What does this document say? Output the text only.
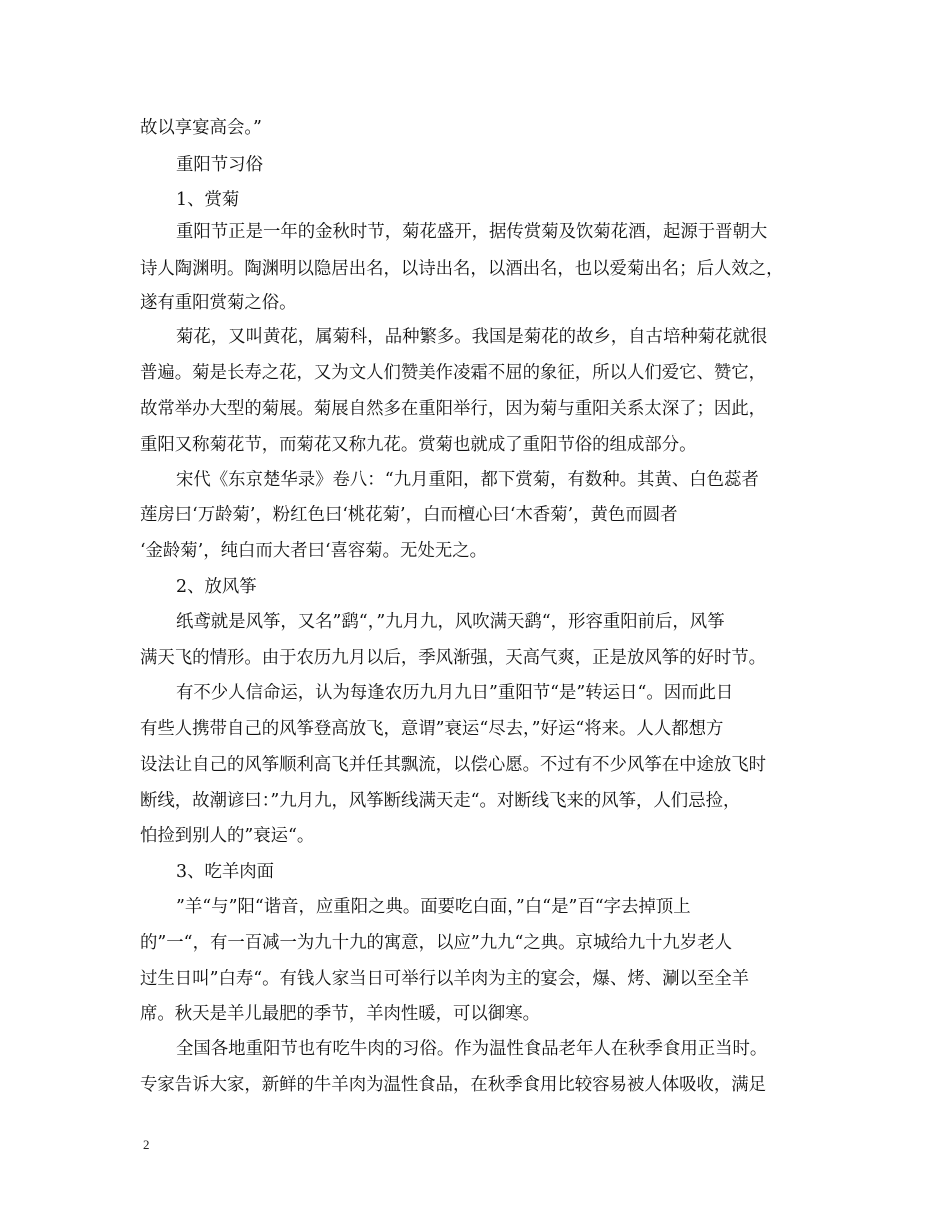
故以享宴高会。”

重阳节习俗

1、赏菊

重阳节正是一年的金秋时节，菊花盛开，据传赏菊及饮菊花酒，起源于晋朝大

诗人陶渊明。陶渊明以隐居出名，以诗出名，以酒出名，也以爱菊出名；后人效之，

遂有重阳赏菊之俗。

菊花，又叫黄花，属菊科，品种繁多。我国是菊花的故乡，自古培种菊花就很

普遍。菊是长寿之花，又为文人们赞美作凌霜不屈的象征，所以人们爱它、赞它，

故常举办大型的菊展。菊展自然多在重阳举行，因为菊与重阳关系太深了；因此，

重阳又称菊花节，而菊花又称九花。赏菊也就成了重阳节俗的组成部分。

宋代《东京楚华录》卷八：“九月重阳，都下赏菊，有数种。其黄、白色蕊者

莲房曰‘万龄菊’，粉红色曰‘桃花菊’，白而檀心曰‘木香菊’，黄色而圆者

‘金龄菊’，纯白而大者曰‘喜容菊。无处无之。

2、放风筝

纸鸢就是风筝，又名”鹞“，”九月九，风吹满天鹞“，形容重阳前后，风筝

满天飞的情形。由于农历九月以后，季风渐强，天高气爽，正是放风筝的好时节。

有不少人信命运，认为每逢农历九月九日”重阳节“是”转运日“。因而此日

有些人携带自己的风筝登高放飞，意谓”衰运“尽去，”好运“将来。人人都想方

设法让自己的风筝顺利高飞并任其飘流，以偿心愿。不过有不少风筝在中途放飞时

断线，故潮谚曰：”九月九，风筝断线满天走“。对断线飞来的风筝，人们忌捡，

怕捡到别人的”衰运“。

3、吃羊肉面

”羊“与”阳“谐音，应重阳之典。面要吃白面，”白“是”百“字去掉顶上

的”一“，有一百减一为九十九的寓意，以应”九九“之典。京城给九十九岁老人

过生日叫”白寿“。有钱人家当日可举行以羊肉为主的宴会，爆、烤、涮以至全羊

席。秋天是羊儿最肥的季节，羊肉性暖，可以御寒。

全国各地重阳节也有吃牛肉的习俗。作为温性食品老年人在秋季食用正当时。

专家告诉大家，新鲜的牛羊肉为温性食品，在秋季食用比较容易被人体吸收，满足

2
